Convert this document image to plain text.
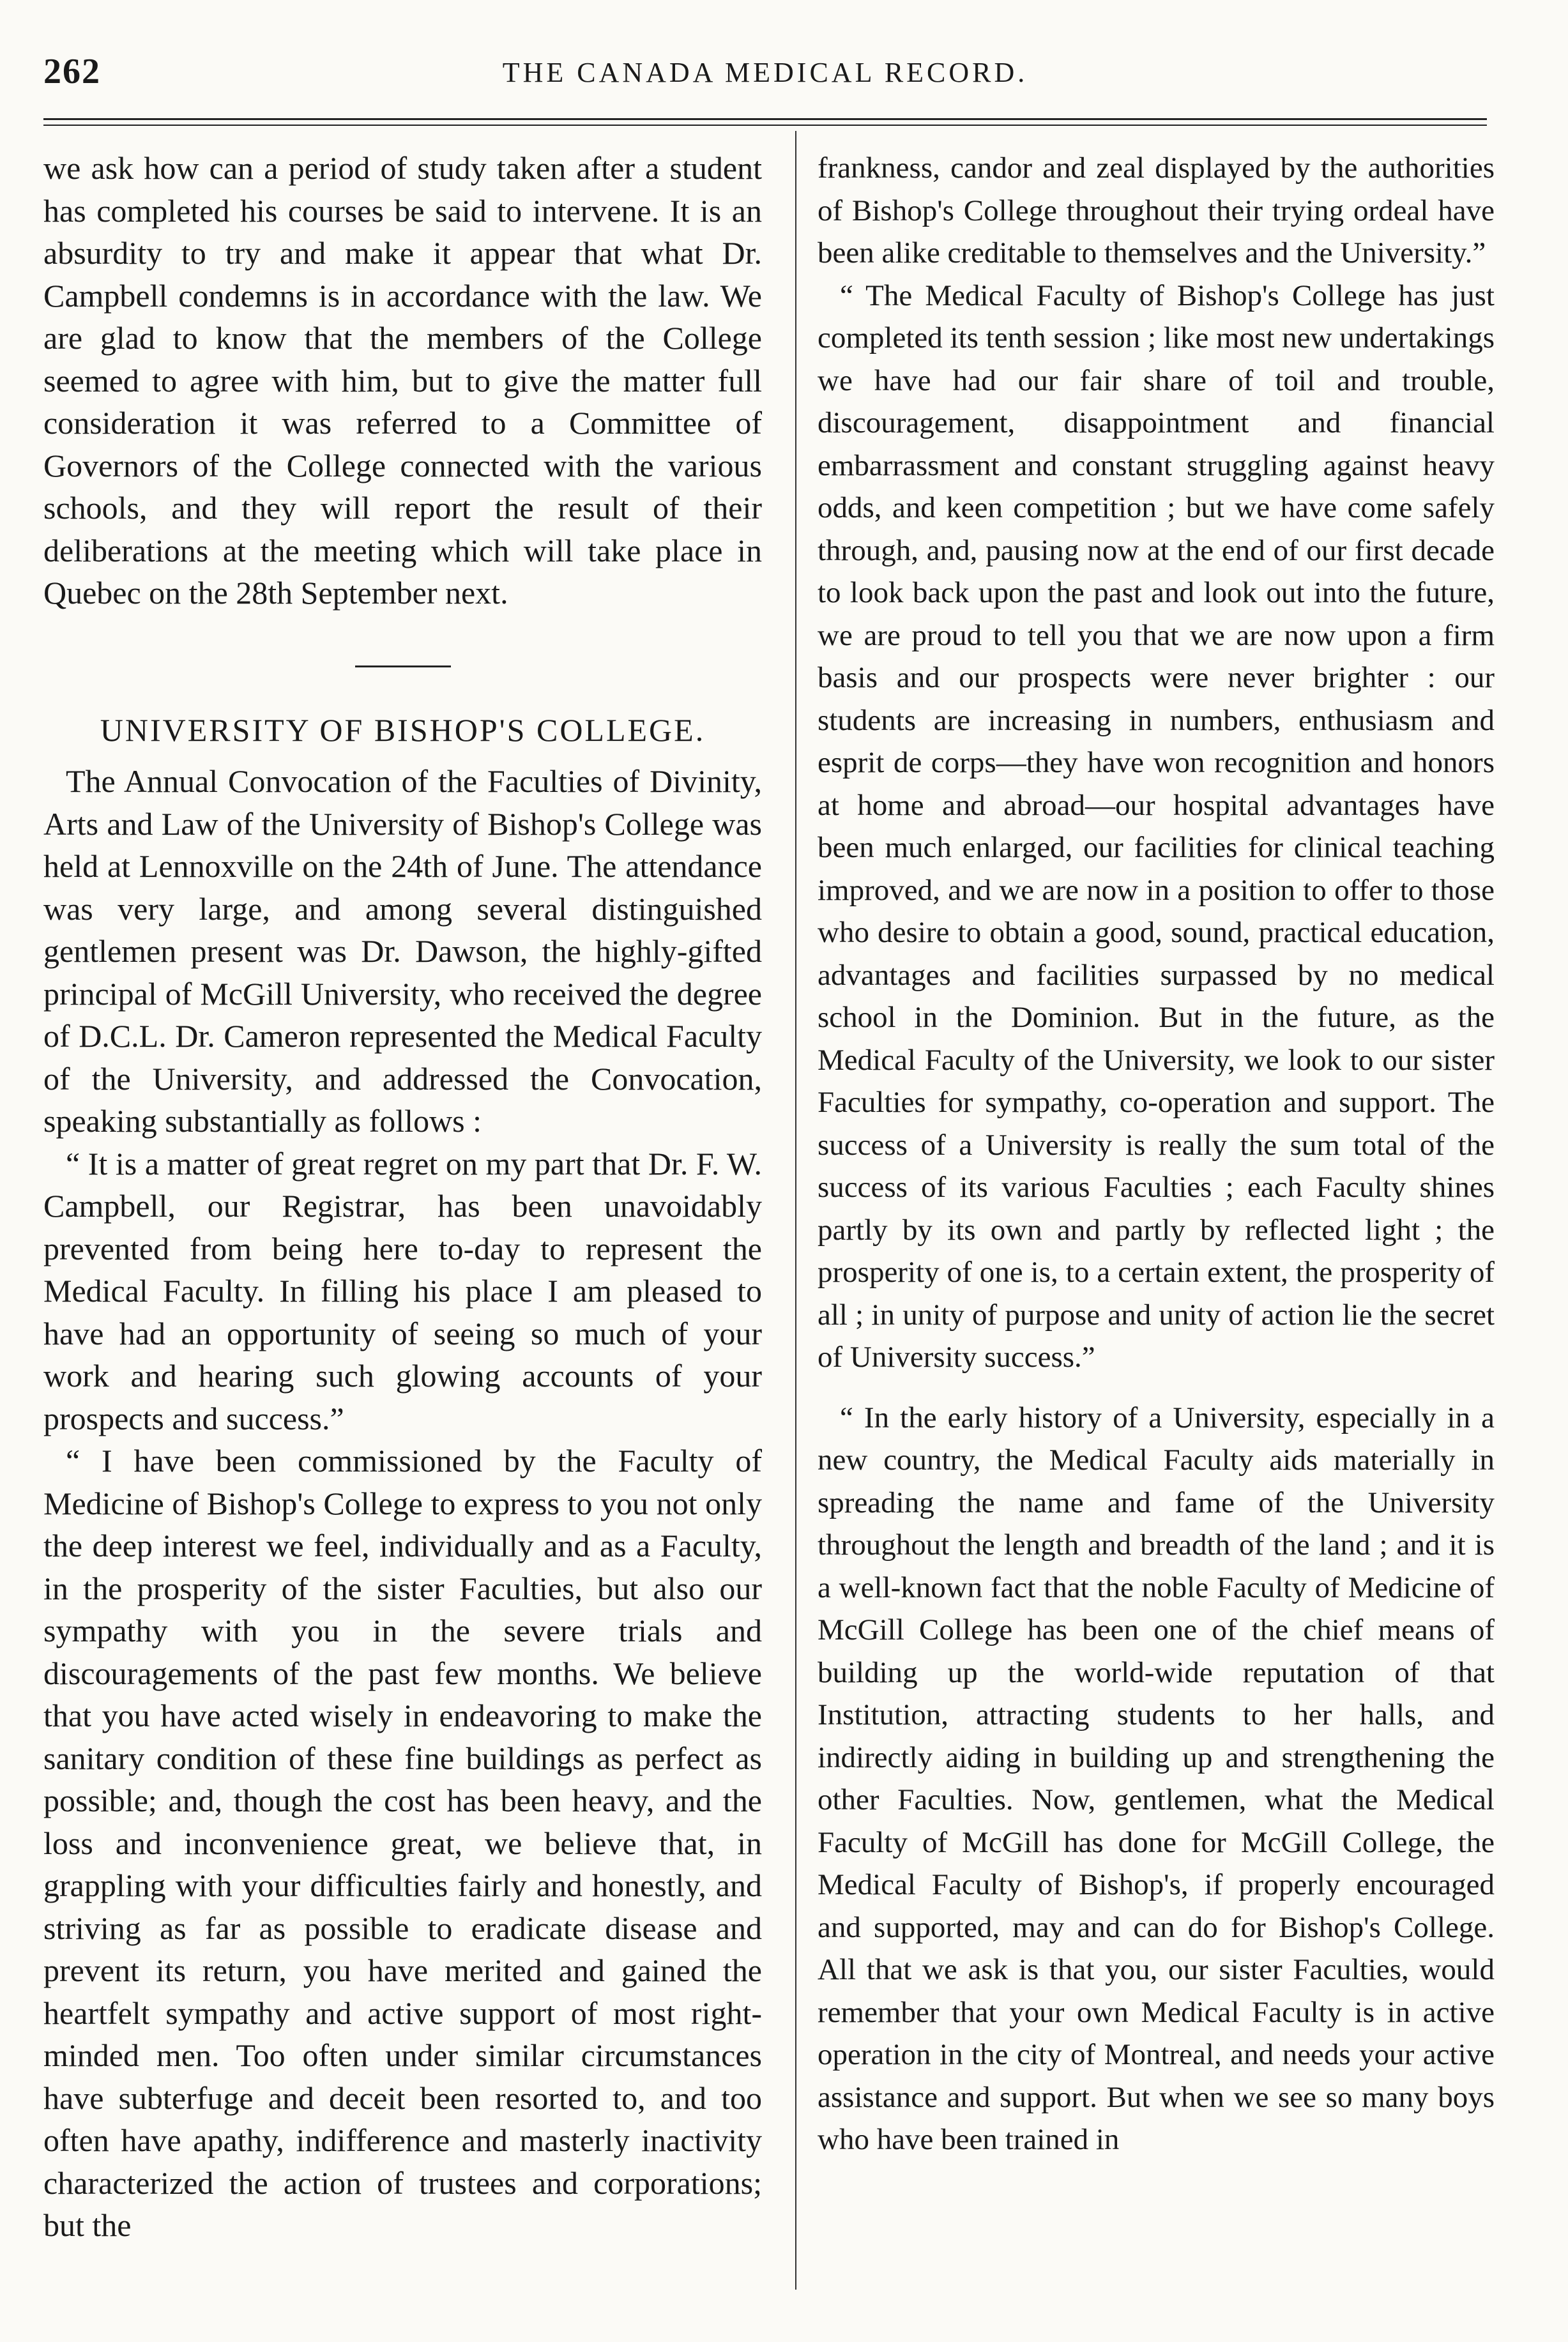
262	THE CANADA MEDICAL RECORD.

we ask how can a period of study taken after a student has completed his courses be said to intervene. It is an absurdity to try and make it appear that what Dr. Campbell condemns is in accordance with the law. We are glad to know that the members of the College seemed to agree with him, but to give the matter full consideration it was referred to a Committee of Governors of the College connected with the various schools, and they will report the result of their deliberations at the meeting which will take place in Quebec on the 28th September next.

UNIVERSITY OF BISHOP'S COLLEGE.

The Annual Convocation of the Faculties of Divinity, Arts and Law of the University of Bishop's College was held at Lennoxville on the 24th of June. The attendance was very large, and among several distinguished gentlemen present was Dr. Dawson, the highly-gifted principal of McGill University, who received the degree of D.C.L. Dr. Cameron represented the Medical Faculty of the University, and addressed the Convocation, speaking substantially as follows :

“ It is a matter of great regret on my part that Dr. F. W. Campbell, our Registrar, has been unavoidably prevented from being here to-day to represent the Medical Faculty. In filling his place I am pleased to have had an opportunity of seeing so much of your work and hearing such glowing accounts of your prospects and success.”

“ I have been commissioned by the Faculty of Medicine of Bishop's College to express to you not only the deep interest we feel, individually and as a Faculty, in the prosperity of the sister Faculties, but also our sympathy with you in the severe trials and discouragements of the past few months. We believe that you have acted wisely in endeavoring to make the sanitary condition of these fine buildings as perfect as possible; and, though the cost has been heavy, and the loss and inconvenience great, we believe that, in grappling with your difficulties fairly and honestly, and striving as far as possible to eradicate disease and prevent its return, you have merited and gained the heartfelt sympathy and active support of most right-minded men. Too often under similar circumstances have subterfuge and deceit been resorted to, and too often have apathy, indifference and masterly inactivity characterized the action of trustees and corporations; but the

frankness, candor and zeal displayed by the authorities of Bishop's College throughout their trying ordeal have been alike creditable to themselves and the University.”

“ The Medical Faculty of Bishop's College has just completed its tenth session ; like most new undertakings we have had our fair share of toil and trouble, discouragement, disappointment and financial embarrassment and constant struggling against heavy odds, and keen competition ; but we have come safely through, and, pausing now at the end of our first decade to look back upon the past and look out into the future, we are proud to tell you that we are now upon a firm basis and our prospects were never brighter : our students are increasing in numbers, enthusiasm and esprit de corps—they have won recognition and honors at home and abroad—our hospital advantages have been much enlarged, our facilities for clinical teaching improved, and we are now in a position to offer to those who desire to obtain a good, sound, practical education, advantages and facilities surpassed by no medical school in the Dominion. But in the future, as the Medical Faculty of the University, we look to our sister Faculties for sympathy, co-operation and support. The success of a University is really the sum total of the success of its various Faculties ; each Faculty shines partly by its own and partly by reflected light ; the prosperity of one is, to a certain extent, the prosperity of all ; in unity of purpose and unity of action lie the secret of University success.”

“ In the early history of a University, especially in a new country, the Medical Faculty aids materially in spreading the name and fame of the University throughout the length and breadth of the land ; and it is a well-known fact that the noble Faculty of Medicine of McGill College has been one of the chief means of building up the world-wide reputation of that Institution, attracting students to her halls, and indirectly aiding in building up and strengthening the other Faculties. Now, gentlemen, what the Medical Faculty of McGill has done for McGill College, the Medical Faculty of Bishop's, if properly encouraged and supported, may and can do for Bishop's College. All that we ask is that you, our sister Faculties, would remember that your own Medical Faculty is in active operation in the city of Montreal, and needs your active assistance and support. But when we see so many boys who have been trained in
